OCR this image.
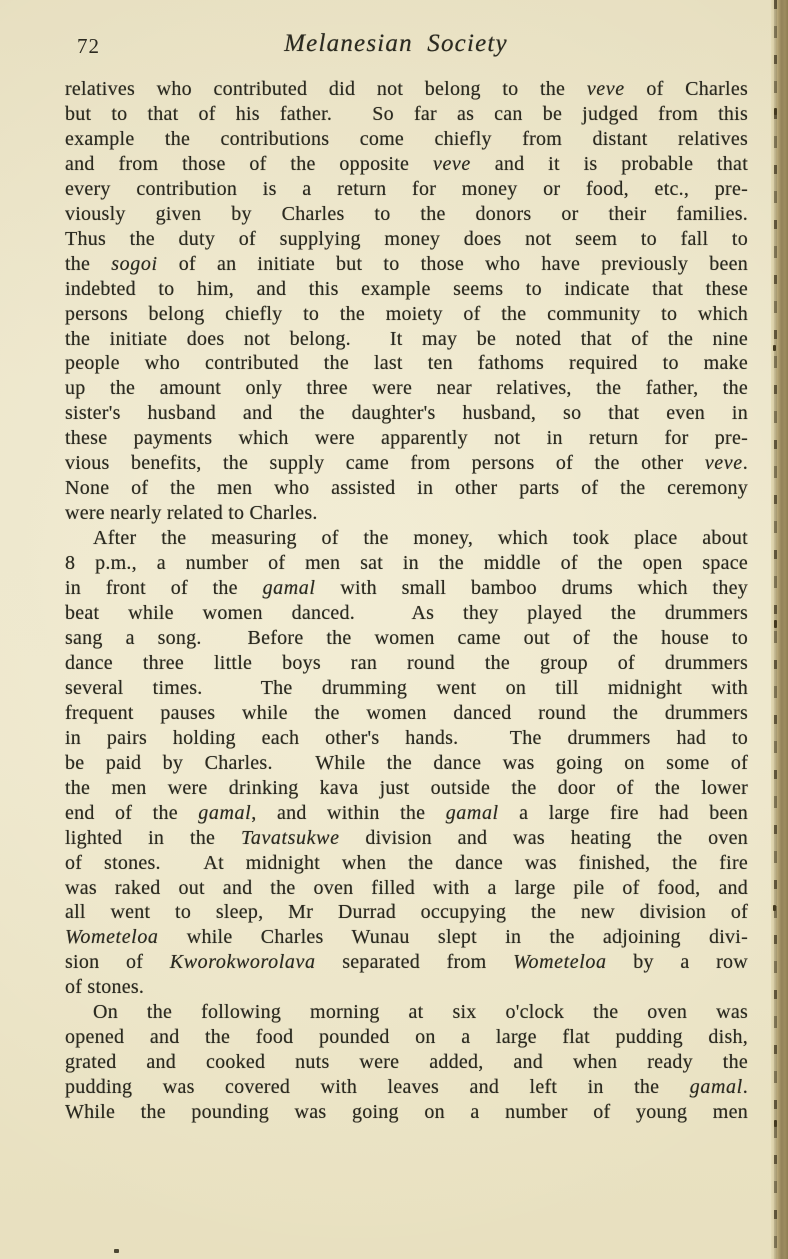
72	Melanesian Society
relatives who contributed did not belong to the veve of Charles
but to that of his father.  So far as can be judged from this
example the contributions come chiefly from distant relatives
and from those of the opposite veve and it is probable that
every contribution is a return for money or food, etc., pre-
viously given by Charles to the donors or their families.
Thus the duty of supplying money does not seem to fall to
the sogoi of an initiate but to those who have previously been
indebted to him, and this example seems to indicate that these
persons belong chiefly to the moiety of the community to which
the initiate does not belong.  It may be noted that of the nine
people who contributed the last ten fathoms required to make
up the amount only three were near relatives, the father, the
sister's husband and the daughter's husband, so that even in
these payments which were apparently not in return for pre-
vious benefits, the supply came from persons of the other veve.
None of the men who assisted in other parts of the ceremony
were nearly related to Charles.
After the measuring of the money, which took place about
8 p.m., a number of men sat in the middle of the open space
in front of the gamal with small bamboo drums which they
beat while women danced.  As they played the drummers
sang a song.  Before the women came out of the house to
dance three little boys ran round the group of drummers
several times.  The drumming went on till midnight with
frequent pauses while the women danced round the drummers
in pairs holding each other's hands.  The drummers had to
be paid by Charles.  While the dance was going on some of
the men were drinking kava just outside the door of the lower
end of the gamal, and within the gamal a large fire had been
lighted in the Tavatsukwe division and was heating the oven
of stones.  At midnight when the dance was finished, the fire
was raked out and the oven filled with a large pile of food, and
all went to sleep, Mr Durrad occupying the new division of
Wometeloa while Charles Wunau slept in the adjoining divi-
sion of Kworokworolava separated from Wometeloa by a row
of stones.
On the following morning at six o'clock the oven was
opened and the food pounded on a large flat pudding dish,
grated and cooked nuts were added, and when ready the
pudding was covered with leaves and left in the gamal.
While the pounding was going on a number of young men
